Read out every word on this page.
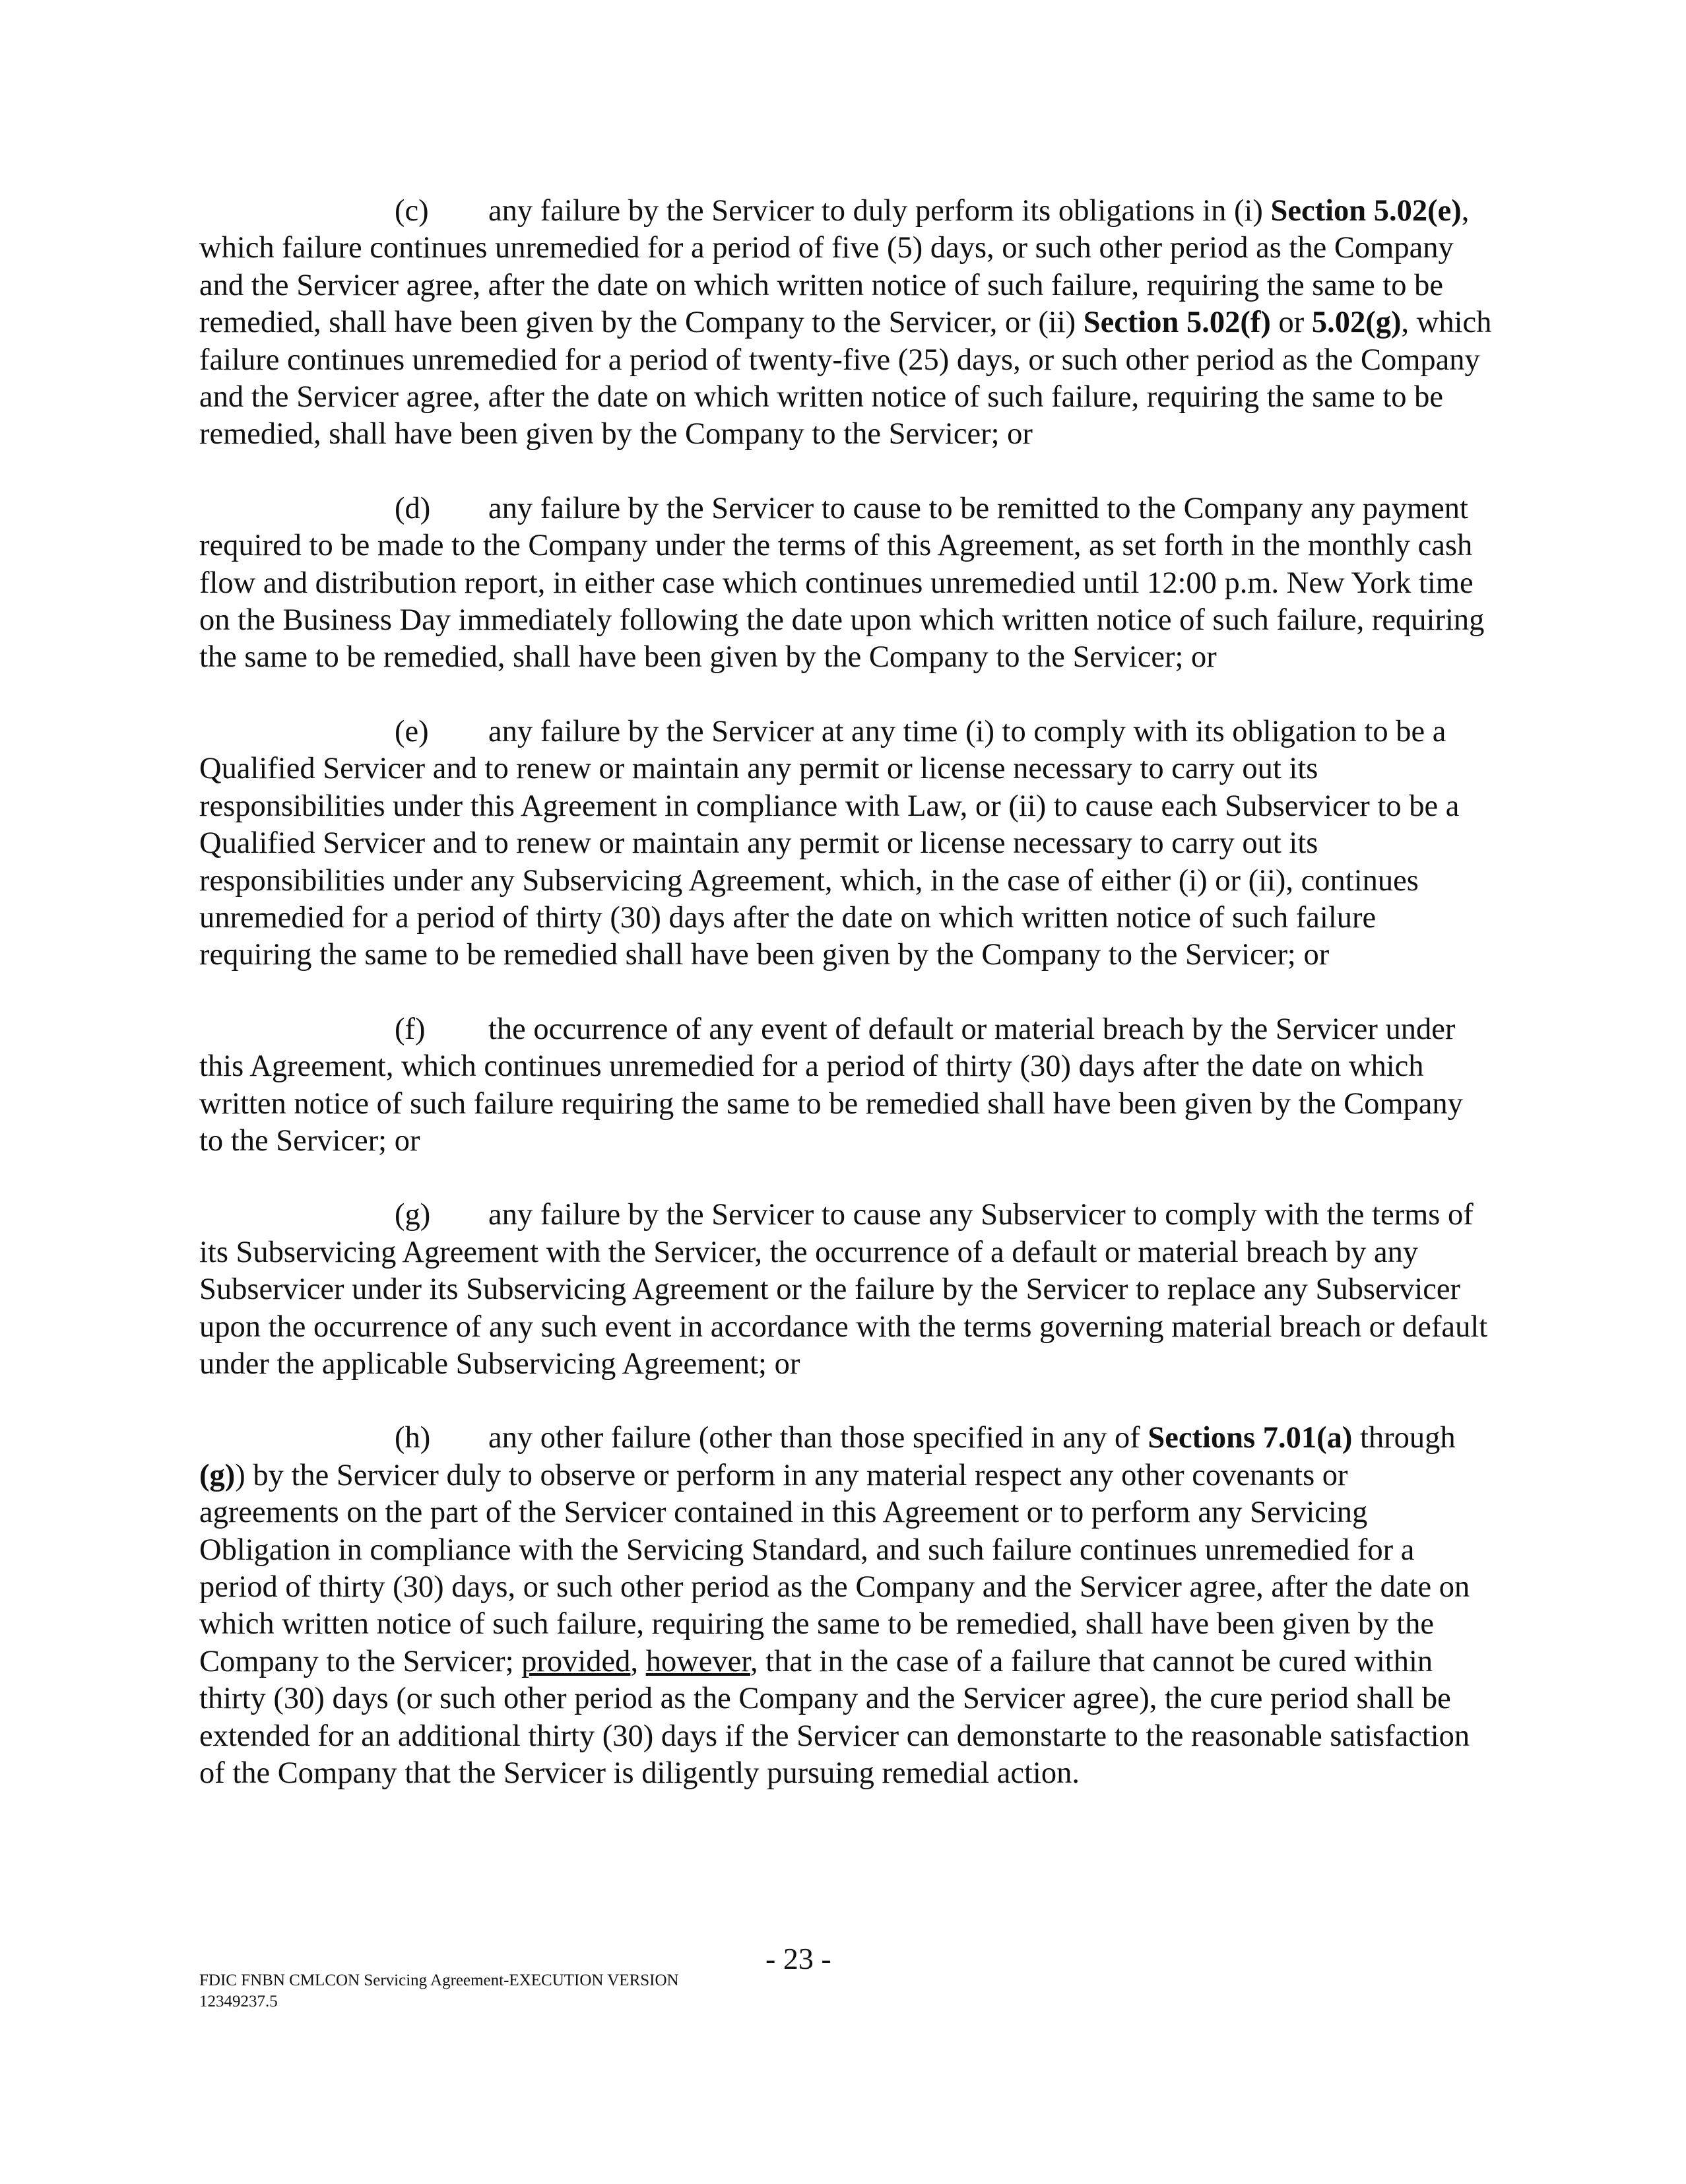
(c) any failure by the Servicer to duly perform its obligations in (i) Section 5.02(e), which failure continues unremedied for a period of five (5) days, or such other period as the Company and the Servicer agree, after the date on which written notice of such failure, requiring the same to be remedied, shall have been given by the Company to the Servicer, or (ii) Section 5.02(f) or 5.02(g), which failure continues unremedied for a period of twenty-five (25) days, or such other period as the Company and the Servicer agree, after the date on which written notice of such failure, requiring the same to be remedied, shall have been given by the Company to the Servicer; or

(d) any failure by the Servicer to cause to be remitted to the Company any payment required to be made to the Company under the terms of this Agreement, as set forth in the monthly cash flow and distribution report, in either case which continues unremedied until 12:00 p.m. New York time on the Business Day immediately following the date upon which written notice of such failure, requiring the same to be remedied, shall have been given by the Company to the Servicer; or

(e) any failure by the Servicer at any time (i) to comply with its obligation to be a Qualified Servicer and to renew or maintain any permit or license necessary to carry out its responsibilities under this Agreement in compliance with Law, or (ii) to cause each Subservicer to be a Qualified Servicer and to renew or maintain any permit or license necessary to carry out its responsibilities under any Subservicing Agreement, which, in the case of either (i) or (ii), continues unremedied for a period of thirty (30) days after the date on which written notice of such failure requiring the same to be remedied shall have been given by the Company to the Servicer; or

(f) the occurrence of any event of default or material breach by the Servicer under this Agreement, which continues unremedied for a period of thirty (30) days after the date on which written notice of such failure requiring the same to be remedied shall have been given by the Company to the Servicer; or

(g) any failure by the Servicer to cause any Subservicer to comply with the terms of its Subservicing Agreement with the Servicer, the occurrence of a default or material breach by any Subservicer under its Subservicing Agreement or the failure by the Servicer to replace any Subservicer upon the occurrence of any such event in accordance with the terms governing material breach or default under the applicable Subservicing Agreement; or

(h) any other failure (other than those specified in any of Sections 7.01(a) through (g)) by the Servicer duly to observe or perform in any material respect any other covenants or agreements on the part of the Servicer contained in this Agreement or to perform any Servicing Obligation in compliance with the Servicing Standard, and such failure continues unremedied for a period of thirty (30) days, or such other period as the Company and the Servicer agree, after the date on which written notice of such failure, requiring the same to be remedied, shall have been given by the Company to the Servicer; provided, however, that in the case of a failure that cannot be cured within thirty (30) days (or such other period as the Company and the Servicer agree), the cure period shall be extended for an additional thirty (30) days if the Servicer can demonstarte to the reasonable satisfaction of the Company that the Servicer is diligently pursuing remedial action.

- 23 -
FDIC FNBN CMLCON Servicing Agreement-EXECUTION VERSION
12349237.5
